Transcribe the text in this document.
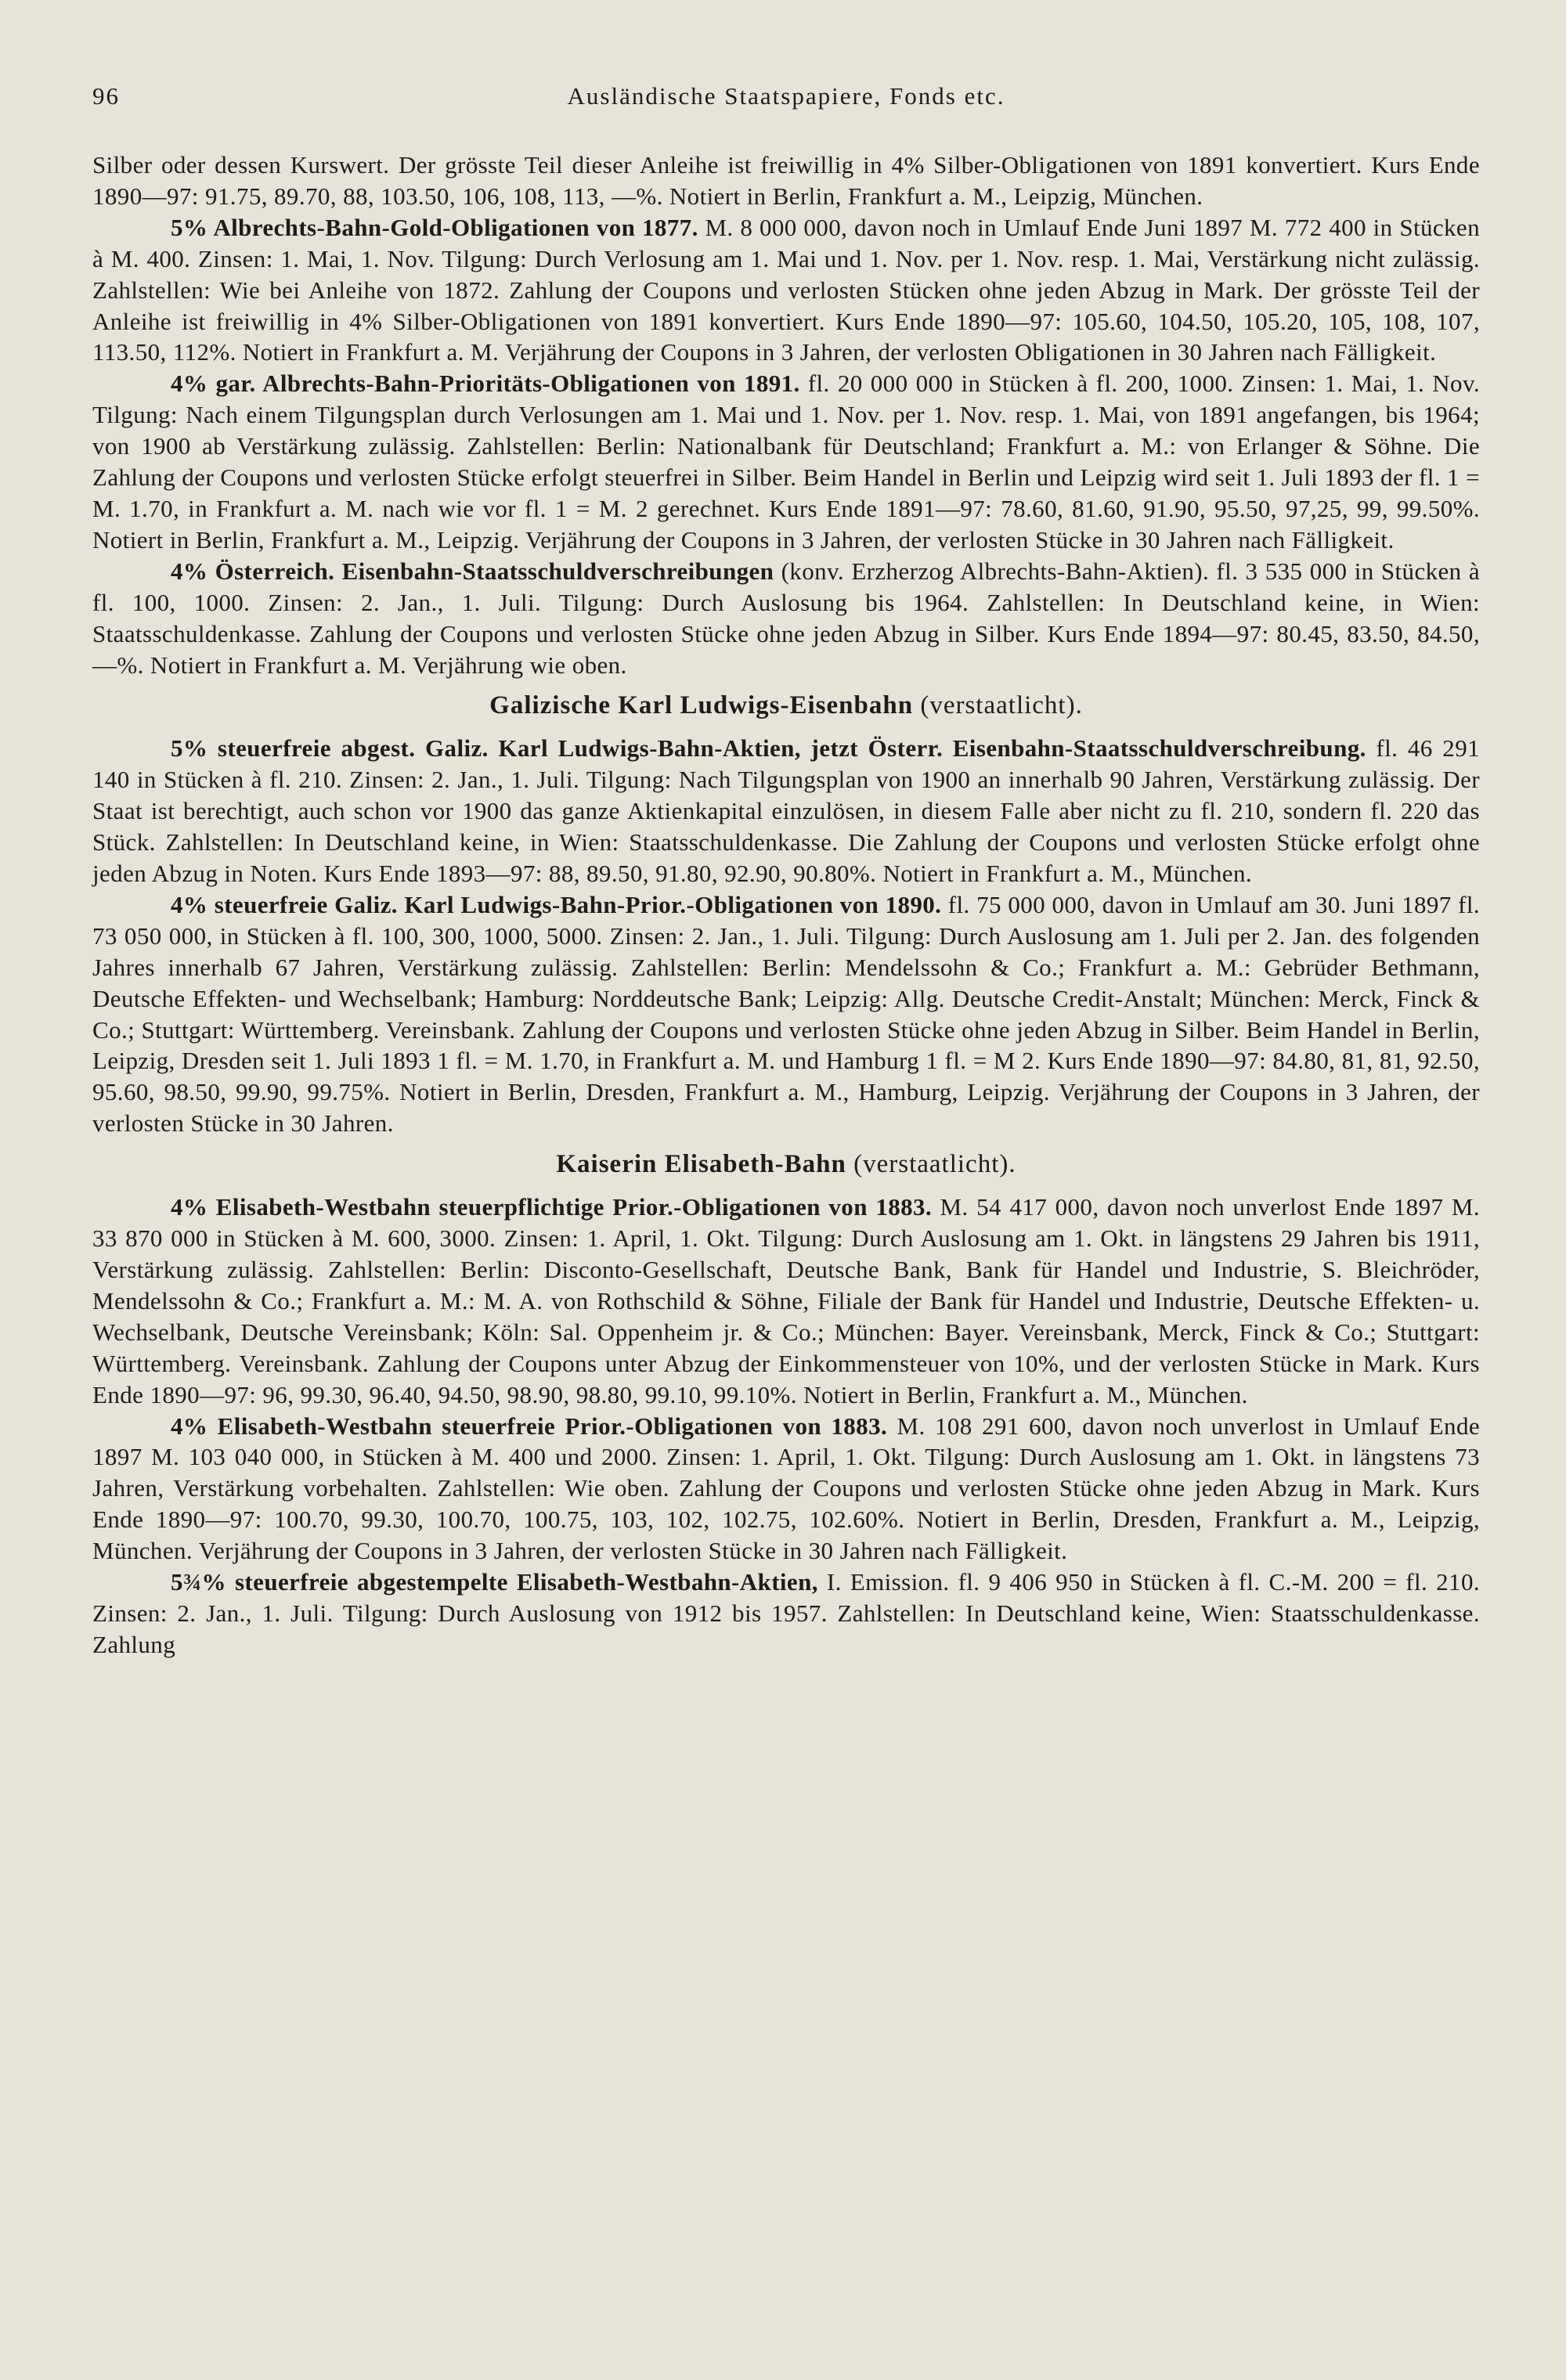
96	Ausländische Staatspapiere, Fonds etc.

Silber oder dessen Kurswert. Der grösste Teil dieser Anleihe ist freiwillig in 4% Silber-Obligationen von 1891 konvertiert. Kurs Ende 1890—97: 91.75, 89.70, 88, 103.50, 106, 108, 113, —%. Notiert in Berlin, Frankfurt a. M., Leipzig, München.

5% Albrechts-Bahn-Gold-Obligationen von 1877. M. 8 000 000, davon noch in Umlauf Ende Juni 1897 M. 772 400 in Stücken à M. 400. Zinsen: 1. Mai, 1. Nov. Tilgung: Durch Verlosung am 1. Mai und 1. Nov. per 1. Nov. resp. 1. Mai, Verstärkung nicht zulässig. Zahlstellen: Wie bei Anleihe von 1872. Zahlung der Coupons und verlosten Stücken ohne jeden Abzug in Mark. Der grösste Teil der Anleihe ist freiwillig in 4% Silber-Obligationen von 1891 konvertiert. Kurs Ende 1890—97: 105.60, 104.50, 105.20, 105, 108, 107, 113.50, 112%. Notiert in Frankfurt a. M. Verjährung der Coupons in 3 Jahren, der verlosten Obligationen in 30 Jahren nach Fälligkeit.

4% gar. Albrechts-Bahn-Prioritäts-Obligationen von 1891. fl. 20 000 000 in Stücken à fl. 200, 1000. Zinsen: 1. Mai, 1. Nov. Tilgung: Nach einem Tilgungsplan durch Verlosungen am 1. Mai und 1. Nov. per 1. Nov. resp. 1. Mai, von 1891 angefangen, bis 1964; von 1900 ab Verstärkung zulässig. Zahlstellen: Berlin: Nationalbank für Deutschland; Frankfurt a. M.: von Erlanger & Söhne. Die Zahlung der Coupons und verlosten Stücke erfolgt steuerfrei in Silber. Beim Handel in Berlin und Leipzig wird seit 1. Juli 1893 der fl. 1 = M. 1.70, in Frankfurt a. M. nach wie vor fl. 1 = M. 2 gerechnet. Kurs Ende 1891—97: 78.60, 81.60, 91.90, 95.50, 97,25, 99, 99.50%. Notiert in Berlin, Frankfurt a. M., Leipzig. Verjährung der Coupons in 3 Jahren, der verlosten Stücke in 30 Jahren nach Fälligkeit.

4% Österreich. Eisenbahn-Staatsschuldverschreibungen (konv. Erzherzog Albrechts-Bahn-Aktien). fl. 3 535 000 in Stücken à fl. 100, 1000. Zinsen: 2. Jan., 1. Juli. Tilgung: Durch Auslosung bis 1964. Zahlstellen: In Deutschland keine, in Wien: Staatsschuldenkasse. Zahlung der Coupons und verlosten Stücke ohne jeden Abzug in Silber. Kurs Ende 1894—97: 80.45, 83.50, 84.50, —%. Notiert in Frankfurt a. M. Verjährung wie oben.

Galizische Karl Ludwigs-Eisenbahn (verstaatlicht).

5% steuerfreie abgest. Galiz. Karl Ludwigs-Bahn-Aktien, jetzt Österr. Eisenbahn-Staatsschuldverschreibung. fl. 46 291 140 in Stücken à fl. 210. Zinsen: 2. Jan., 1. Juli. Tilgung: Nach Tilgungsplan von 1900 an innerhalb 90 Jahren, Verstärkung zulässig. Der Staat ist berechtigt, auch schon vor 1900 das ganze Aktienkapital einzulösen, in diesem Falle aber nicht zu fl. 210, sondern fl. 220 das Stück. Zahlstellen: In Deutschland keine, in Wien: Staatsschuldenkasse. Die Zahlung der Coupons und verlosten Stücke erfolgt ohne jeden Abzug in Noten. Kurs Ende 1893—97: 88, 89.50, 91.80, 92.90, 90.80%. Notiert in Frankfurt a. M., München.

4% steuerfreie Galiz. Karl Ludwigs-Bahn-Prior.-Obligationen von 1890. fl. 75 000 000, davon in Umlauf am 30. Juni 1897 fl. 73 050 000, in Stücken à fl. 100, 300, 1000, 5000. Zinsen: 2. Jan., 1. Juli. Tilgung: Durch Auslosung am 1. Juli per 2. Jan. des folgenden Jahres innerhalb 67 Jahren, Verstärkung zulässig. Zahlstellen: Berlin: Mendelssohn & Co.; Frankfurt a. M.: Gebrüder Bethmann, Deutsche Effekten- und Wechselbank; Hamburg: Norddeutsche Bank; Leipzig: Allg. Deutsche Credit-Anstalt; München: Merck, Finck & Co.; Stuttgart: Württemberg. Vereinsbank. Zahlung der Coupons und verlosten Stücke ohne jeden Abzug in Silber. Beim Handel in Berlin, Leipzig, Dresden seit 1. Juli 1893 1 fl. = M. 1.70, in Frankfurt a. M. und Hamburg 1 fl. = M 2. Kurs Ende 1890—97: 84.80, 81, 81, 92.50, 95.60, 98.50, 99.90, 99.75%. Notiert in Berlin, Dresden, Frankfurt a. M., Hamburg, Leipzig. Verjährung der Coupons in 3 Jahren, der verlosten Stücke in 30 Jahren.

Kaiserin Elisabeth-Bahn (verstaatlicht).

4% Elisabeth-Westbahn steuerpflichtige Prior.-Obligationen von 1883. M. 54 417 000, davon noch unverlost Ende 1897 M. 33 870 000 in Stücken à M. 600, 3000. Zinsen: 1. April, 1. Okt. Tilgung: Durch Auslosung am 1. Okt. in längstens 29 Jahren bis 1911, Verstärkung zulässig. Zahlstellen: Berlin: Disconto-Gesellschaft, Deutsche Bank, Bank für Handel und Industrie, S. Bleichröder, Mendelssohn & Co.; Frankfurt a. M.: M. A. von Rothschild & Söhne, Filiale der Bank für Handel und Industrie, Deutsche Effekten- u. Wechselbank, Deutsche Vereinsbank; Köln: Sal. Oppenheim jr. & Co.; München: Bayer. Vereinsbank, Merck, Finck & Co.; Stuttgart: Württemberg. Vereinsbank. Zahlung der Coupons unter Abzug der Einkommensteuer von 10%, und der verlosten Stücke in Mark. Kurs Ende 1890—97: 96, 99.30, 96.40, 94.50, 98.90, 98.80, 99.10, 99.10%. Notiert in Berlin, Frankfurt a. M., München.

4% Elisabeth-Westbahn steuerfreie Prior.-Obligationen von 1883. M. 108 291 600, davon noch unverlost in Umlauf Ende 1897 M. 103 040 000, in Stücken à M. 400 und 2000. Zinsen: 1. April, 1. Okt. Tilgung: Durch Auslosung am 1. Okt. in längstens 73 Jahren, Verstärkung vorbehalten. Zahlstellen: Wie oben. Zahlung der Coupons und verlosten Stücke ohne jeden Abzug in Mark. Kurs Ende 1890—97: 100.70, 99.30, 100.70, 100.75, 103, 102, 102.75, 102.60%. Notiert in Berlin, Dresden, Frankfurt a. M., Leipzig, München. Verjährung der Coupons in 3 Jahren, der verlosten Stücke in 30 Jahren nach Fälligkeit.

5¾% steuerfreie abgestempelte Elisabeth-Westbahn-Aktien, I. Emission. fl. 9 406 950 in Stücken à fl. C.-M. 200 = fl. 210. Zinsen: 2. Jan., 1. Juli. Tilgung: Durch Auslosung von 1912 bis 1957. Zahlstellen: In Deutschland keine, Wien: Staatsschuldenkasse. Zahlung
